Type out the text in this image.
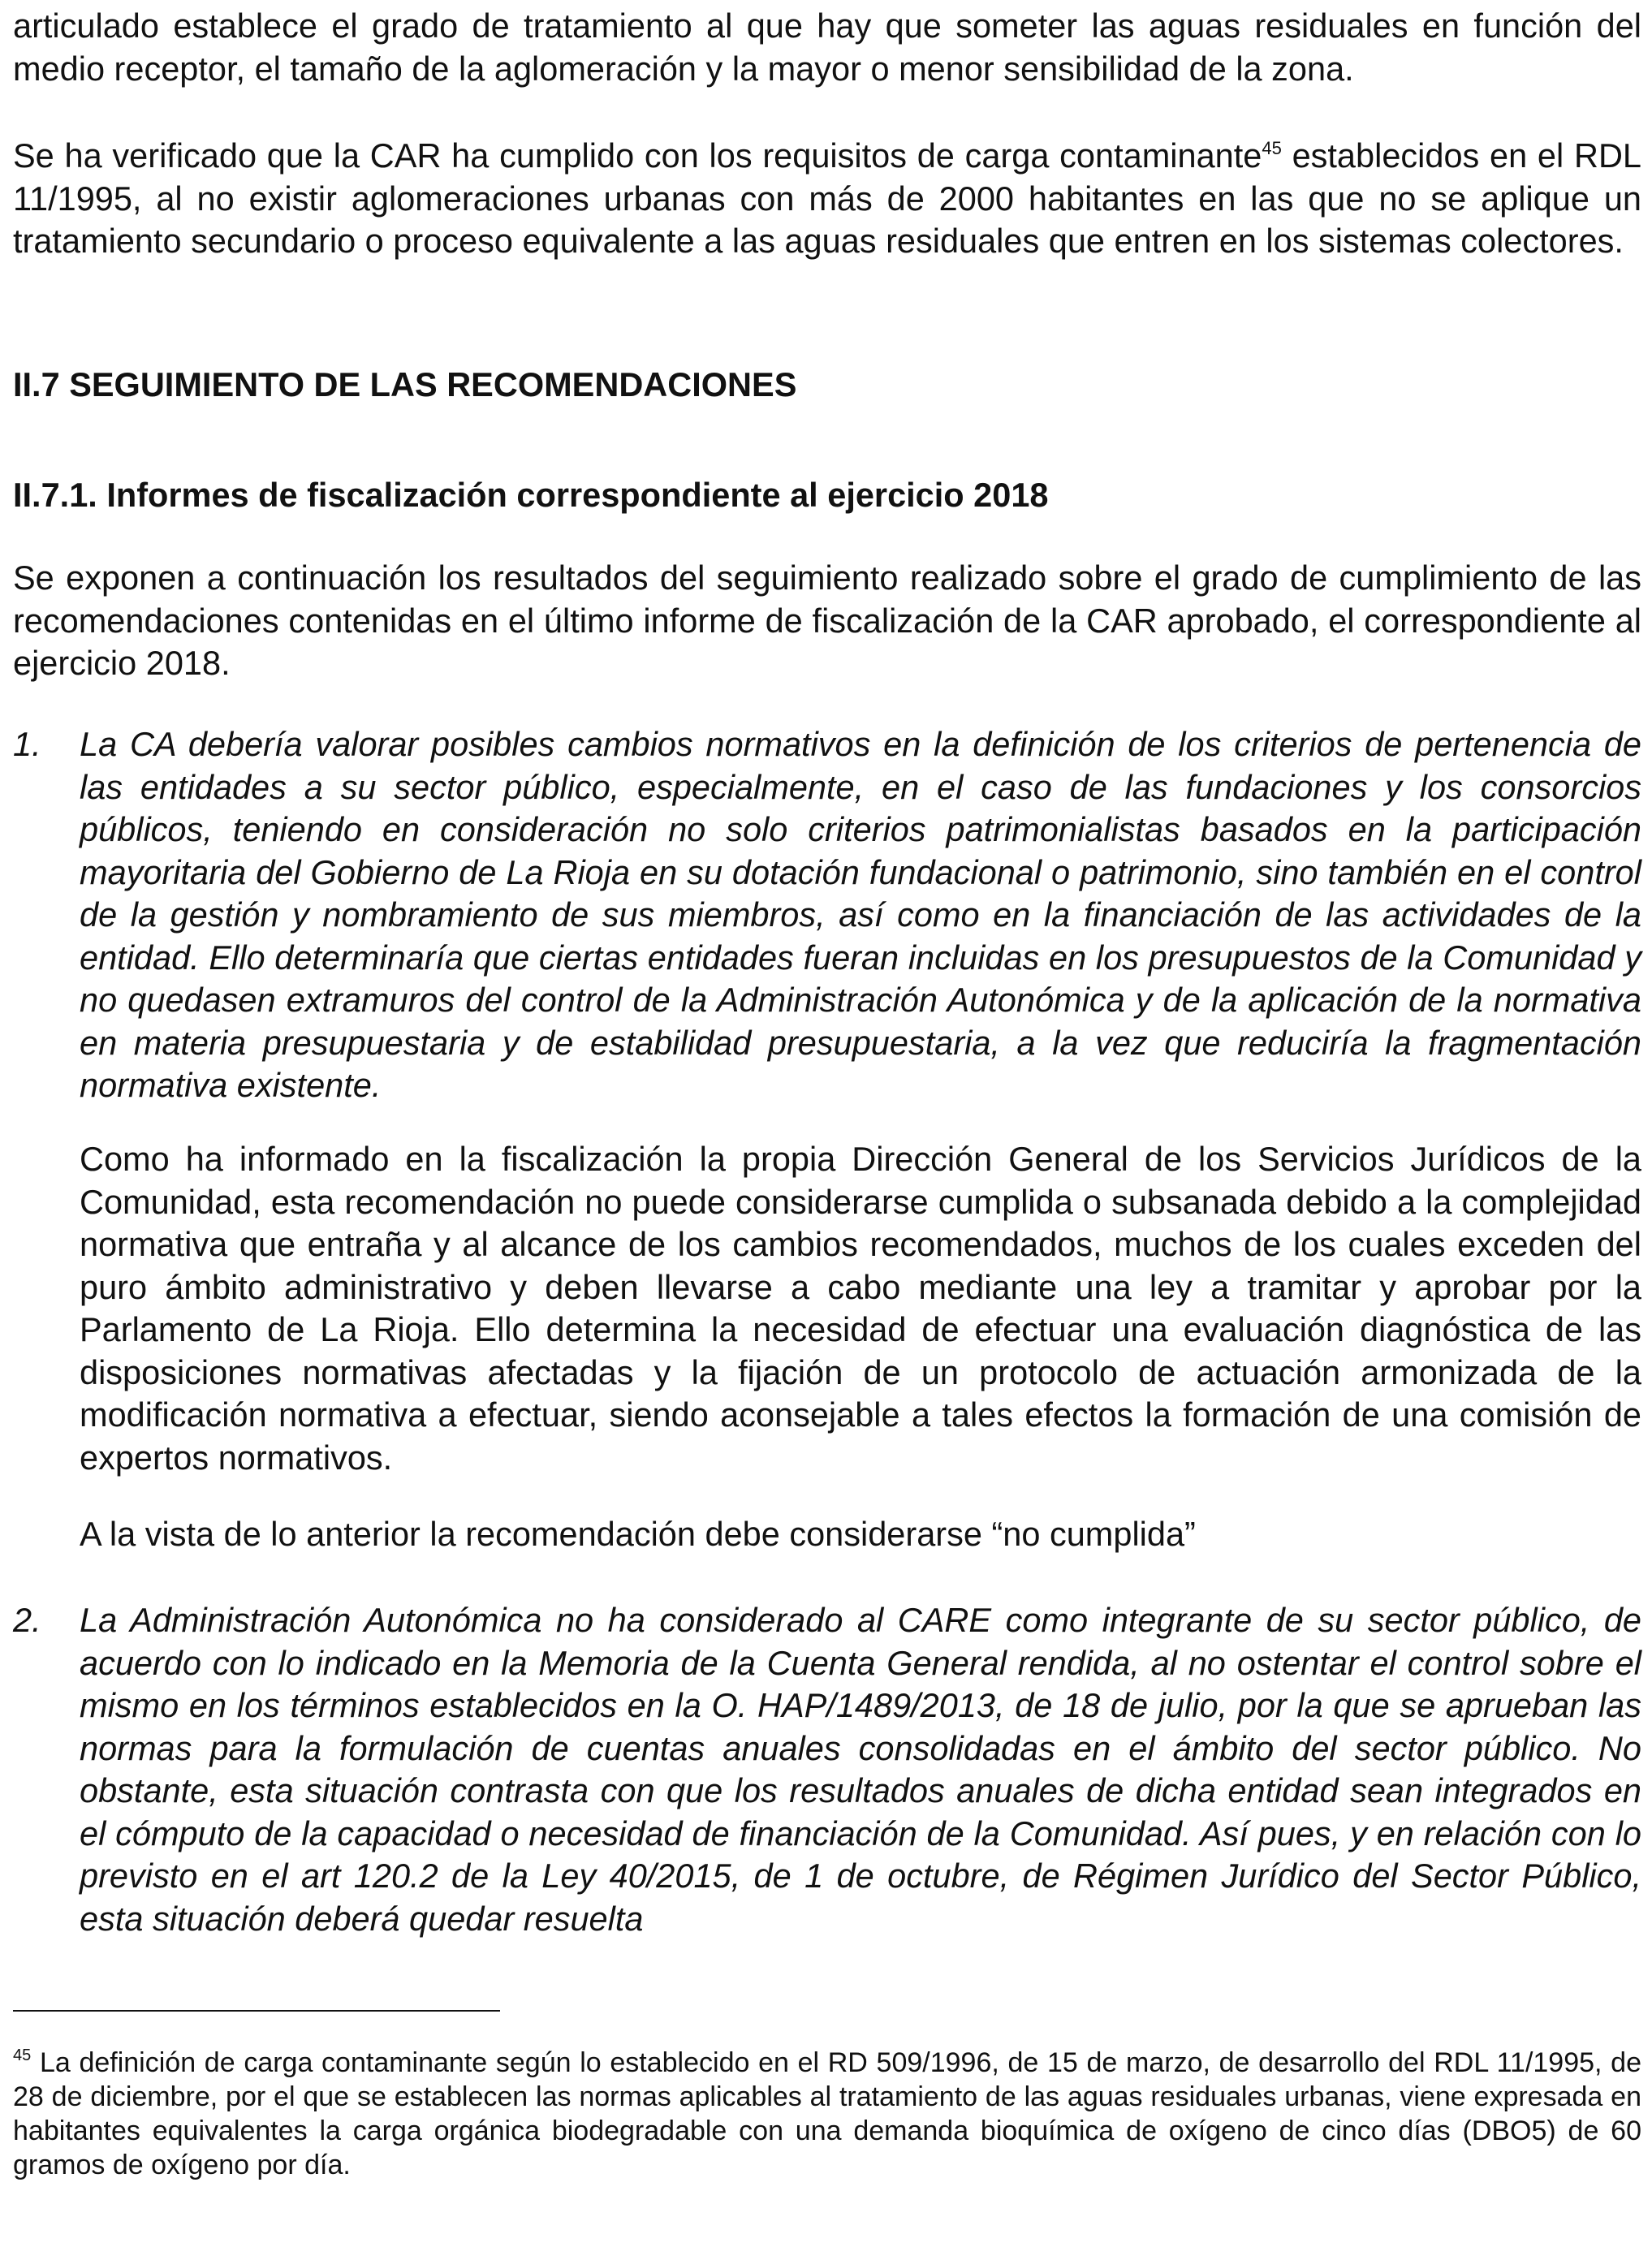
articulado establece el grado de tratamiento al que hay que someter las aguas residuales en función del medio receptor, el tamaño de la aglomeración y la mayor o menor sensibilidad de la zona.

Se ha verificado que la CAR ha cumplido con los requisitos de carga contaminante$^{45}$ establecidos en el RDL 11/1995, al no existir aglomeraciones urbanas con más de 2000 habitantes en las que no se aplique un tratamiento secundario o proceso equivalente a las aguas residuales que entren en los sistemas colectores.

II.7 SEGUIMIENTO DE LAS RECOMENDACIONES
II.7.1. Informes de fiscalización correspondiente al ejercicio 2018

Se exponen a continuación los resultados del seguimiento realizado sobre el grado de cumplimiento de las recomendaciones contenidas en el último informe de fiscalización de la CAR aprobado, el correspondiente al ejercicio 2018.

1. La CA debería valorar posibles cambios normativos en la definición de los criterios de pertenencia de las entidades a su sector público, especialmente, en el caso de las fundaciones y los consorcios públicos, teniendo en consideración no solo criterios patrimonialistas basados en la participación mayoritaria del Gobierno de La Rioja en su dotación fundacional o patrimonio, sino también en el control de la gestión y nombramiento de sus miembros, así como en la financiación de las actividades de la entidad. Ello determinaría que ciertas entidades fueran incluidas en los presupuestos de la Comunidad y no quedasen extramuros del control de la Administración Autonómica y de la aplicación de la normativa en materia presupuestaria y de estabilidad presupuestaria, a la vez que reduciría la fragmentación normativa existente.

Como ha informado en la fiscalización la propia Dirección General de los Servicios Jurídicos de la Comunidad, esta recomendación no puede considerarse cumplida o subsanada debido a la complejidad normativa que entraña y al alcance de los cambios recomendados, muchos de los cuales exceden del puro ámbito administrativo y deben llevarse a cabo mediante una ley a tramitar y aprobar por la Parlamento de La Rioja. Ello determina la necesidad de efectuar una evaluación diagnóstica de las disposiciones normativas afectadas y la fijación de un protocolo de actuación armonizada de la modificación normativa a efectuar, siendo aconsejable a tales efectos la formación de una comisión de expertos normativos.

A la vista de lo anterior la recomendación debe considerarse “no cumplida”

2. La Administración Autonómica no ha considerado al CARE como integrante de su sector público, de acuerdo con lo indicado en la Memoria de la Cuenta General rendida, al no ostentar el control sobre el mismo en los términos establecidos en la O. HAP/1489/2013, de 18 de julio, por la que se aprueban las normas para la formulación de cuentas anuales consolidadas en el ámbito del sector público. No obstante, esta situación contrasta con que los resultados anuales de dicha entidad sean integrados en el cómputo de la capacidad o necesidad de financiación de la Comunidad. Así pues, y en relación con lo previsto en el art 120.2 de la Ley 40/2015, de 1 de octubre, de Régimen Jurídico del Sector Público, esta situación deberá quedar resuelta

$^{45}$ La definición de carga contaminante según lo establecido en el RD 509/1996, de 15 de marzo, de desarrollo del RDL 11/1995, de 28 de diciembre, por el que se establecen las normas aplicables al tratamiento de las aguas residuales urbanas, viene expresada en habitantes equivalentes la carga orgánica biodegradable con una demanda bioquímica de oxígeno de cinco días (DBO5) de 60 gramos de oxígeno por día.
